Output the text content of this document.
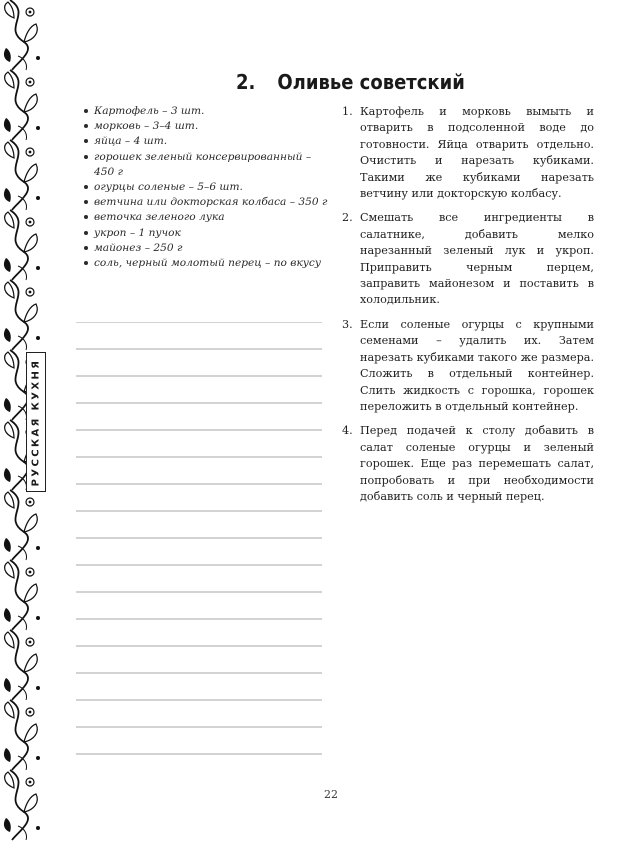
РУССКАЯ КУХНЯ
2. Оливье советский
Картофель – 3 шт.
морковь – 3–4 шт.
яйца – 4 шт.
горошек зеленый консервированный – 450 г
огурцы соленые – 5–6 шт.
ветчина или докторская колбаса – 350 г
веточка зеленого лука
укроп – 1 пучок
майонез – 250 г
соль, черный молотый перец – по вкусу
1. Картофель и морковь вымыть и отварить в подсоленной воде до готовности. Яйца отварить отдельно. Очистить и нарезать кубиками. Такими же кубиками нарезать ветчину или докторскую колбасу.
2. Смешать все ингредиенты в салатнике, добавить мелко нарезанный зеленый лук и укроп. Приправить черным перцем, заправить майонезом и поставить в холодильник.
3. Если соленые огурцы с крупными семенами – удалить их. Затем нарезать кубиками такого же размера. Сложить в отдельный контейнер. Слить жидкость с горошка, горошек переложить в отдельный контейнер.
4. Перед подачей к столу добавить в салат соленые огурцы и зеленый горошек. Еще раз перемешать салат, попробовать и при необходимости добавить соль и черный перец.
22
